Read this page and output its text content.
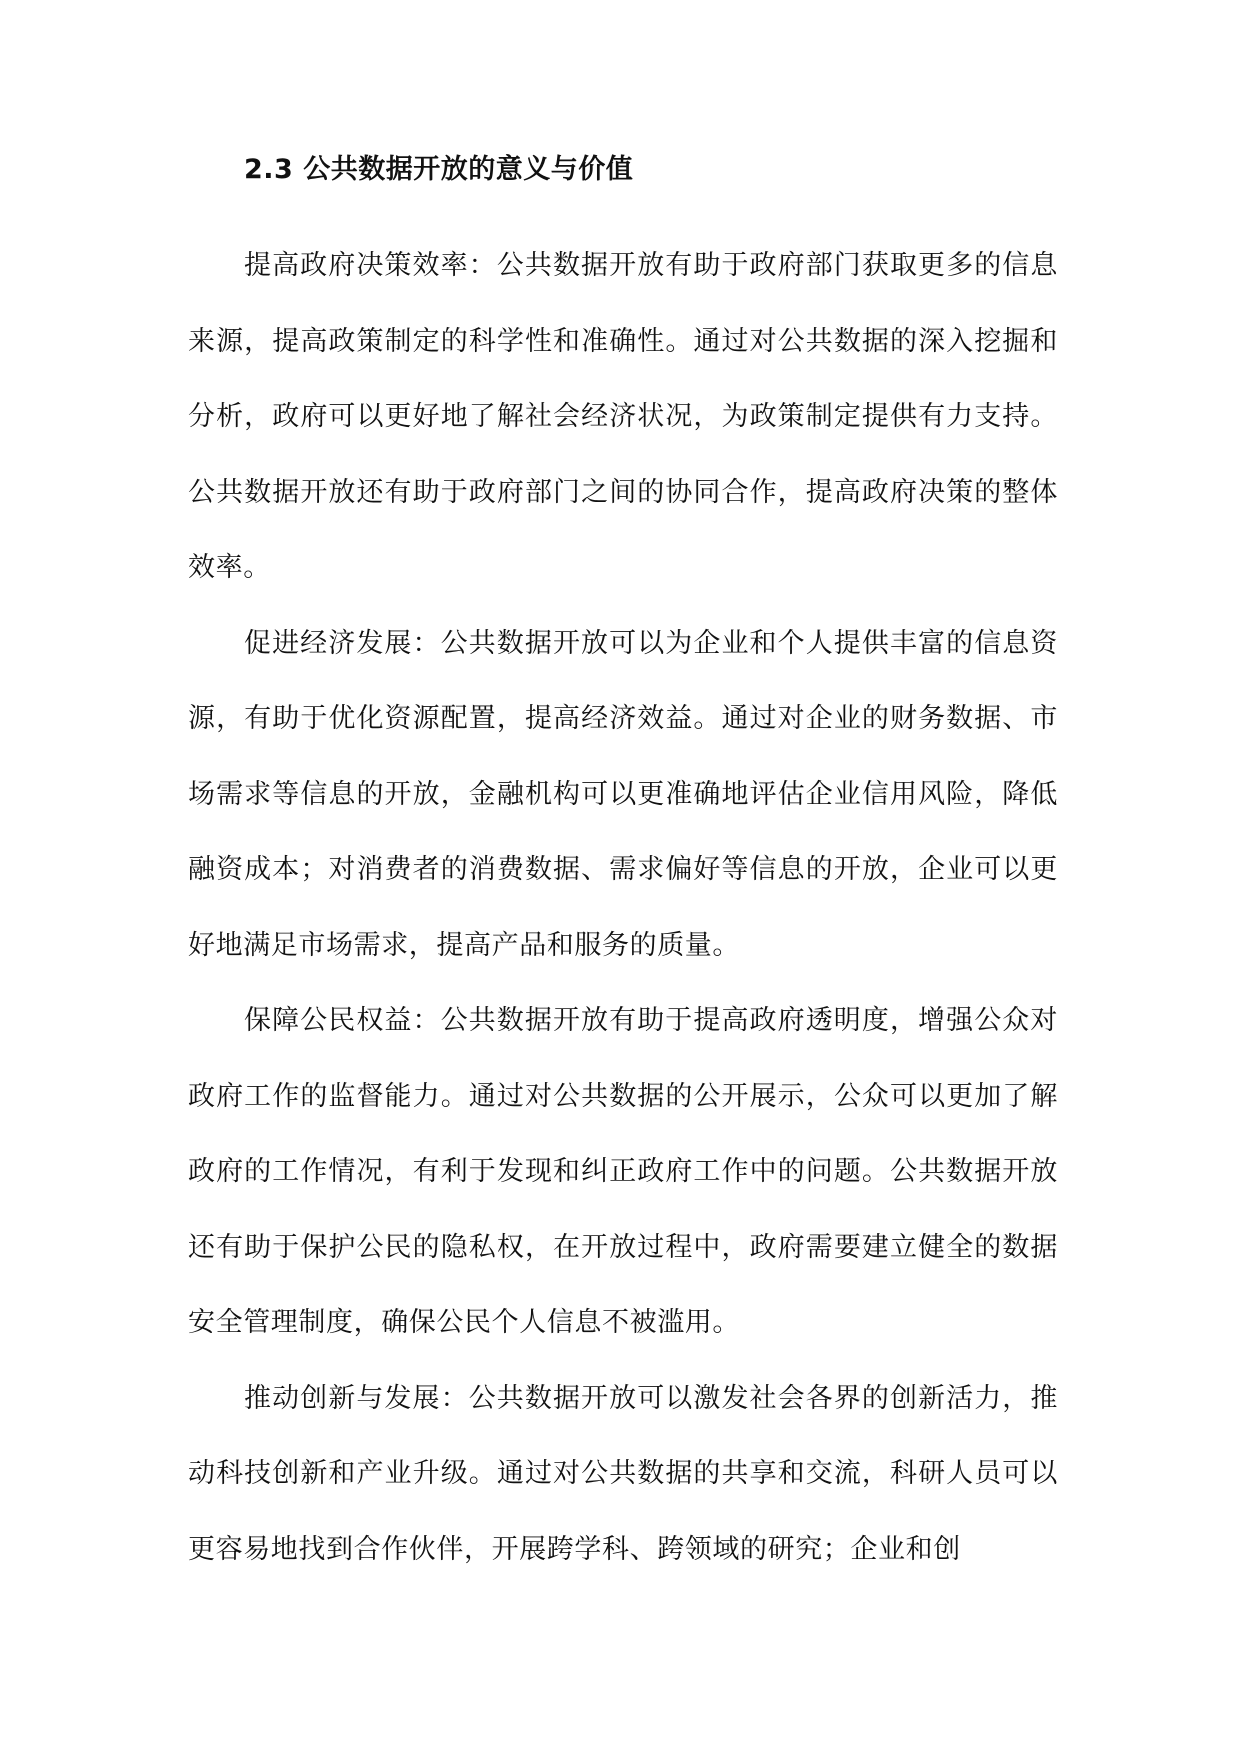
2.3 公共数据开放的意义与价值

提高政府决策效率：公共数据开放有助于政府部门获取更多的信息来源，提高政策制定的科学性和准确性。通过对公共数据的深入挖掘和分析，政府可以更好地了解社会经济状况，为政策制定提供有力支持。公共数据开放还有助于政府部门之间的协同合作，提高政府决策的整体效率。

促进经济发展：公共数据开放可以为企业和个人提供丰富的信息资源，有助于优化资源配置，提高经济效益。通过对企业的财务数据、市场需求等信息的开放，金融机构可以更准确地评估企业信用风险，降低融资成本；对消费者的消费数据、需求偏好等信息的开放，企业可以更好地满足市场需求，提高产品和服务的质量。

保障公民权益：公共数据开放有助于提高政府透明度，增强公众对政府工作的监督能力。通过对公共数据的公开展示，公众可以更加了解政府的工作情况，有利于发现和纠正政府工作中的问题。公共数据开放还有助于保护公民的隐私权，在开放过程中，政府需要建立健全的数据安全管理制度，确保公民个人信息不被滥用。

推动创新与发展：公共数据开放可以激发社会各界的创新活力，推动科技创新和产业升级。通过对公共数据的共享和交流，科研人员可以更容易地找到合作伙伴，开展跨学科、跨领域的研究；企业和创
